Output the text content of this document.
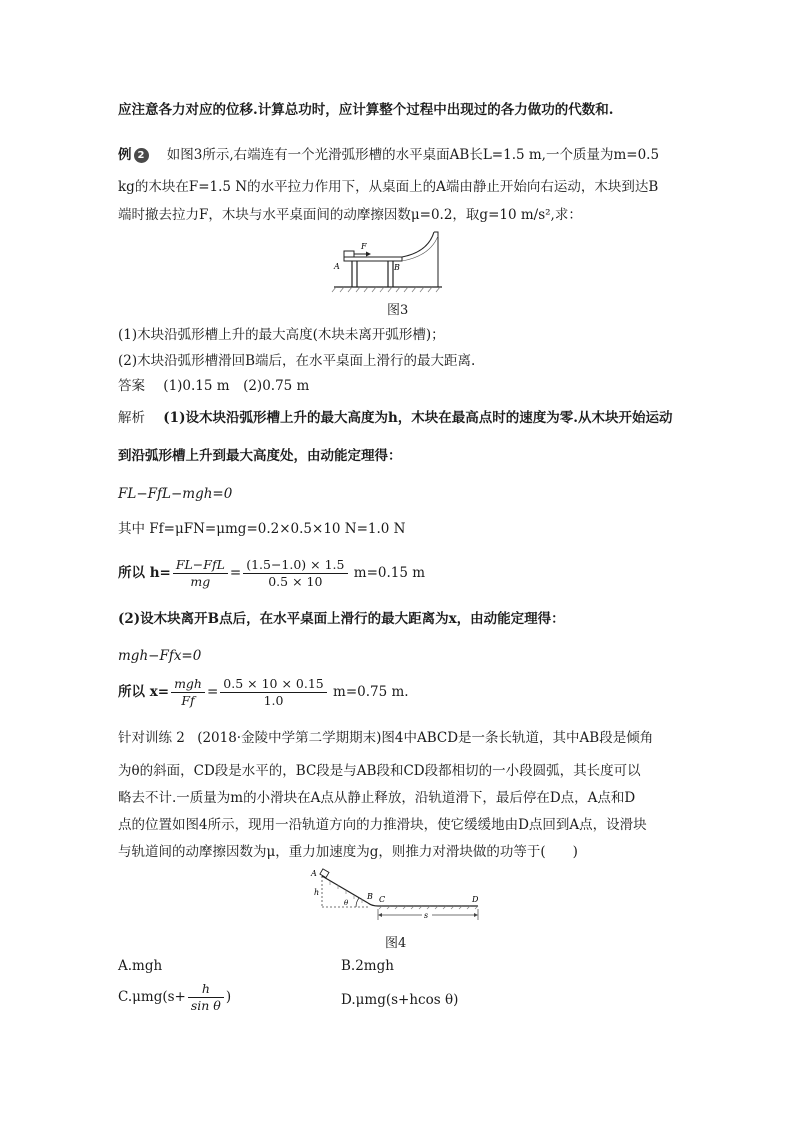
应注意各力对应的位移.计算总功时，应计算整个过程中出现过的各力做功的代数和.
例 2 如图3所示,右端连有一个光滑弧形槽的水平桌面AB长L=1.5 m,一个质量为m=0.5
kg的木块在F=1.5 N的水平拉力作用下，从桌面上的A端由静止开始向右运动，木块到达B
端时撤去拉力F，木块与水平桌面间的动摩擦因数μ=0.2，取g=10 m/s²,求：
F
A	B
图3
(1)木块沿弧形槽上升的最大高度(木块未离开弧形槽)；
(2)木块沿弧形槽滑回B端后，在水平桌面上滑行的最大距离.
答案 (1)0.15 m　(2)0.75 m
解析 (1)设木块沿弧形槽上升的最大高度为h，木块在最高点时的速度为零.从木块开始运动
到沿弧形槽上升到最大高度处，由动能定理得：
FL−FfL−mgh=0
其中 Ff=μFN=μmg=0.2×0.5×10 N=1.0 N
所以 $h= \frac{\text{FL−FfL}}{mg} = \frac{(1.5-1.0) \times 1.5}{0.5 \times 10} m=0.15$ m
(2)设木块离开B点后，在水平桌面上滑行的最大距离为x，由动能定理得：
mgh−Ffx=0
所以 $x= \frac{\text{mgh}}{Ff} = \frac{0.5 \times 10 \times 0.15}{1.0} m=0.75$ m.
针对训练 2 (2018·金陵中学第二学期期末)图4中ABCD是一条长轨道，其中AB段是倾角
为θ的斜面，CD段是水平的，BC段是与AB段和CD段都相切的一小段圆弧，其长度可以
略去不计.一质量为m的小滑块在A点从静止释放，沿轨道滑下，最后停在D点，A点和D
点的位置如图4所示，现用一沿轨道方向的力推滑块，使它缓缓地由D点回到A点，设滑块
与轨道间的动摩擦因数为μ，重力加速度为g，则推力对滑块做的功等于(　　)
A
h
θ
B C	D
s
图4
A.mgh	B.2mgh
$C.\mu mg(s+ \frac{h}{\text{sin θ}}$ )	D.μmg(s+hcos θ)
